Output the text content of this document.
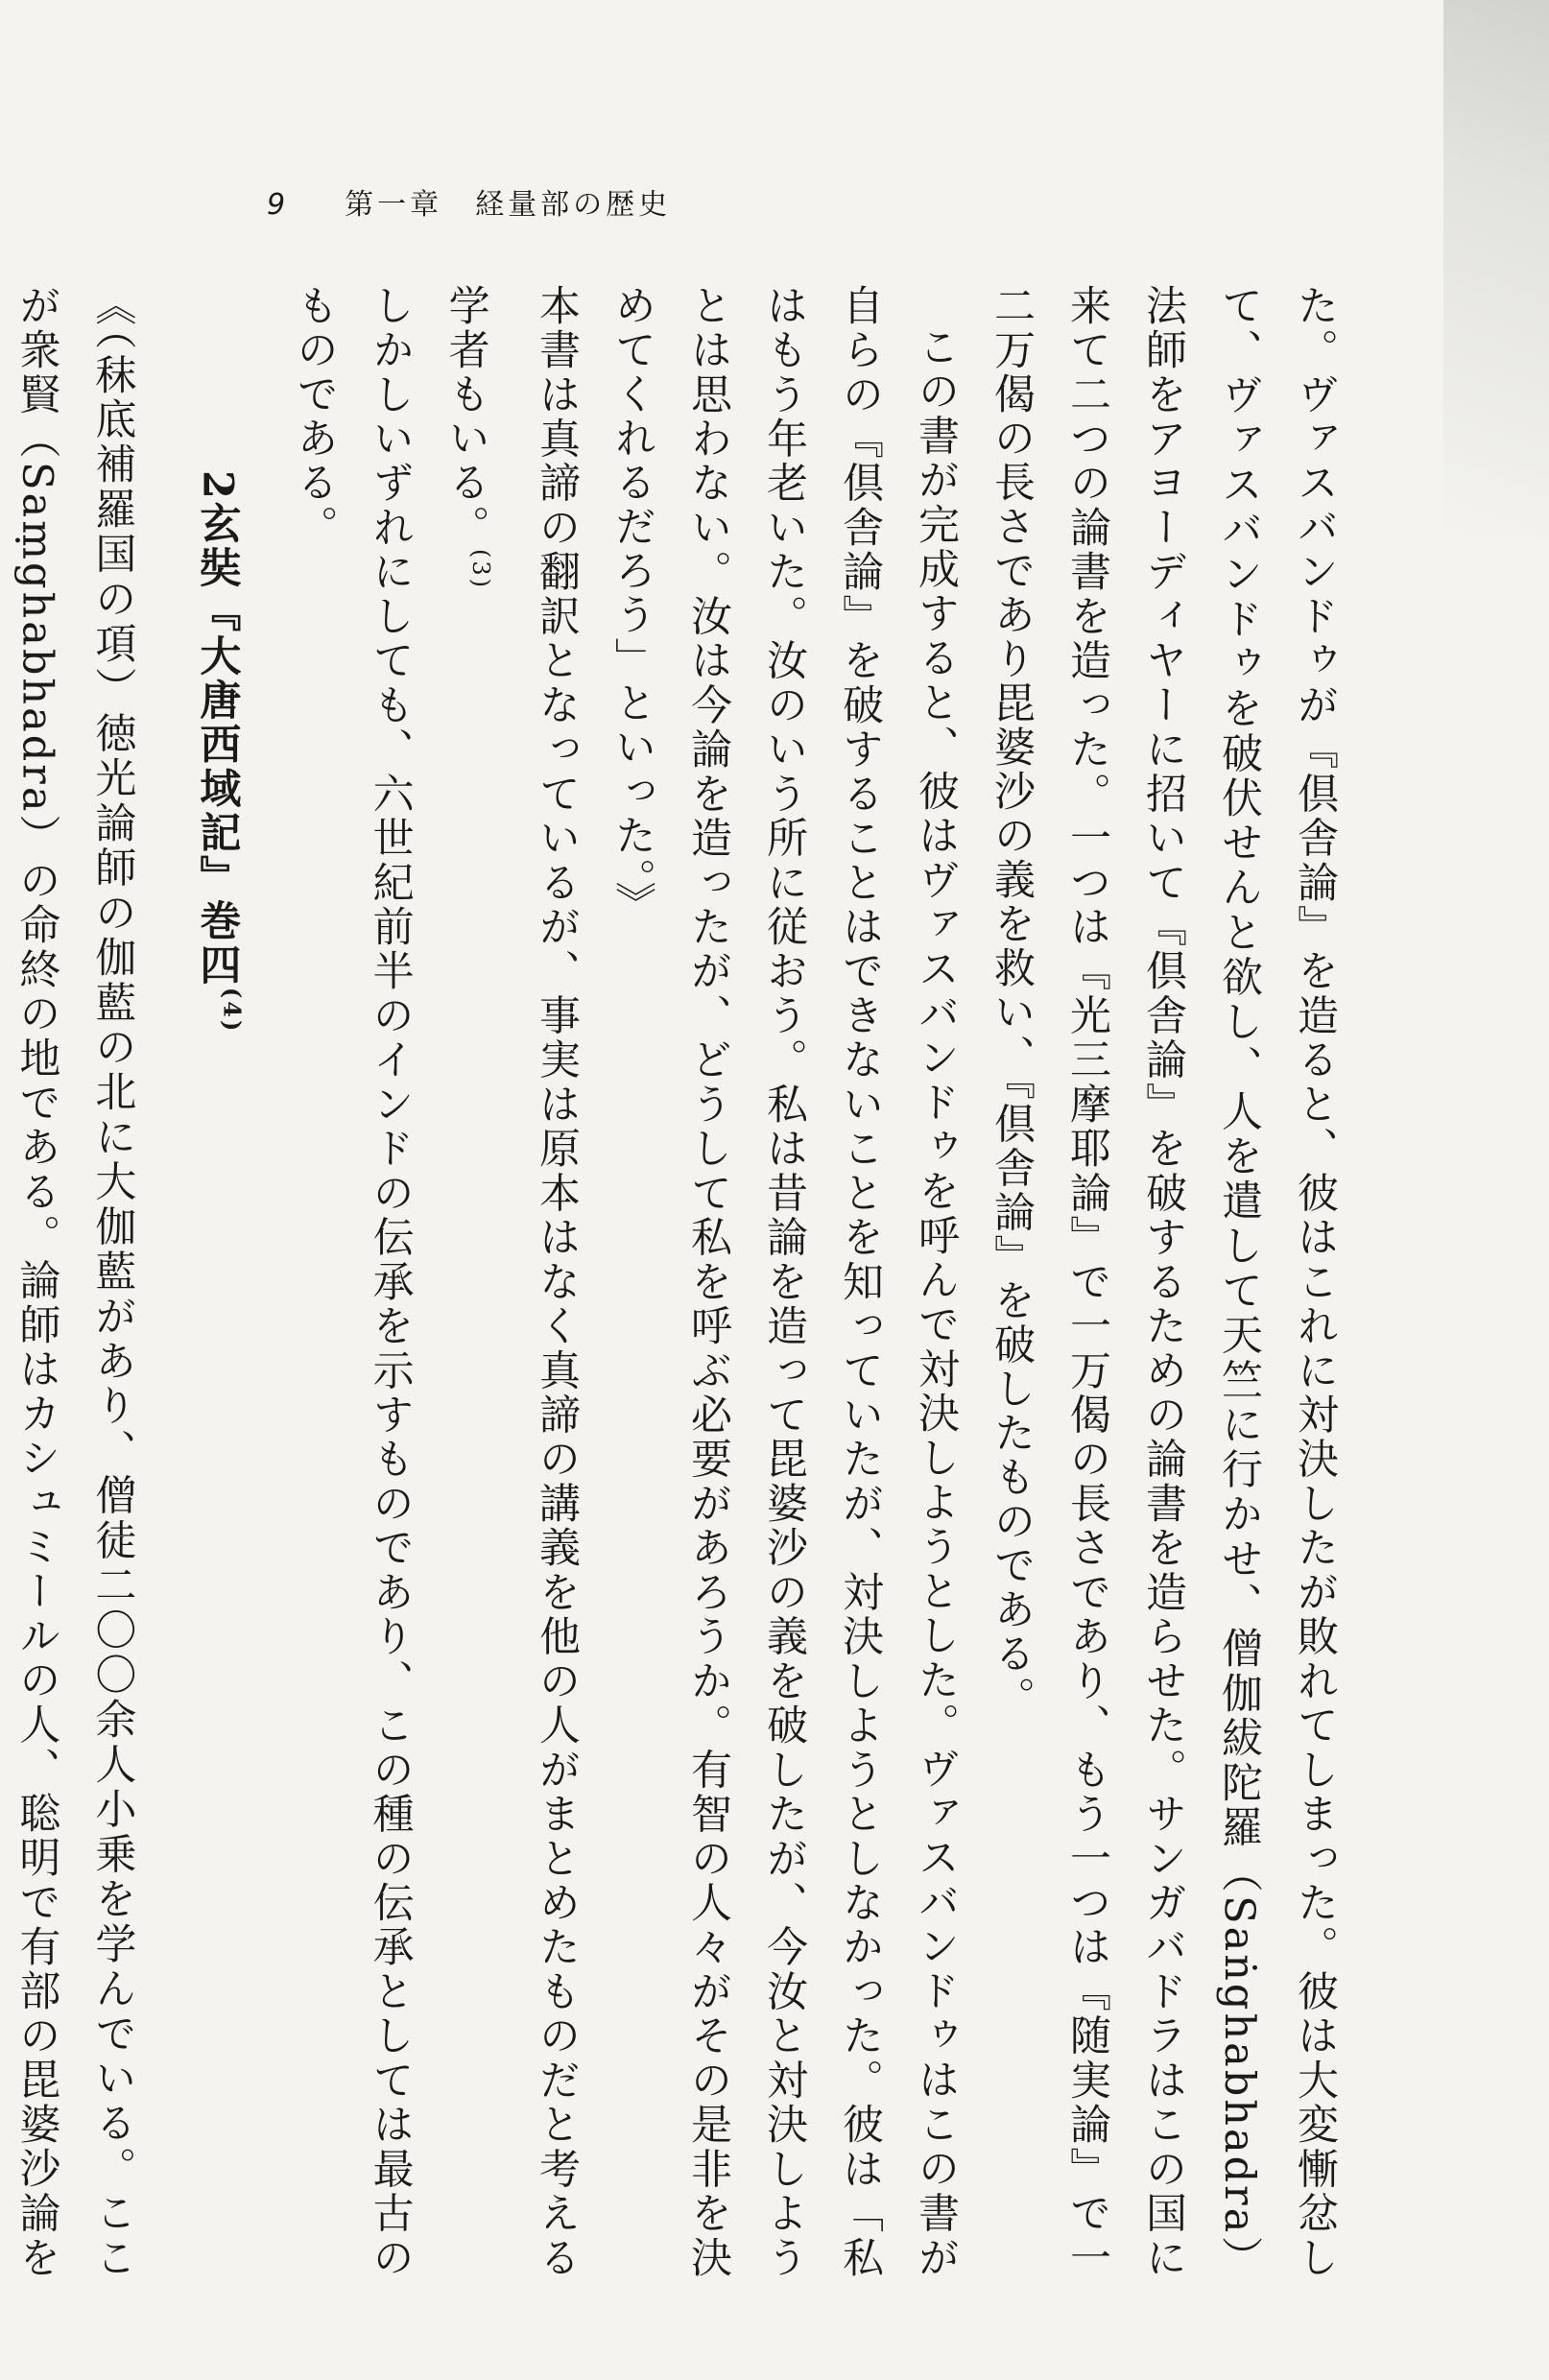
9 第一章　経量部の歴史

た。ヴァスバンドゥが『倶舎論』を造ると、彼はこれに対決したが敗れてしまった。彼は大変慚忿して、ヴァスバンドゥを破伏せんと欲し、人を遣して天竺に行かせ、僧伽紱陀羅（Saṅghabhadra）法師をアヨーディヤーに招いて『倶舎論』を破するための論書を造らせた。サンガバドラはこの国に来て二つの論書を造った。一つは『光三摩耶論』で一万偈の長さであり、もう一つは『随実論』で一二万偈の長さであり毘婆沙の義を救い、『倶舎論』を破したものである。

この書が完成すると、彼はヴァスバンドゥを呼んで対決しようとした。ヴァスバンドゥはこの書が自らの『倶舎論』を破することはできないことを知っていたが、対決しようとしなかった。彼は「私はもう年老いた。汝のいう所に従おう。私は昔論を造って毘婆沙の義を破したが、今汝と対決しようとは思わない。汝は今論を造ったが、どうして私を呼ぶ必要があろうか。有智の人々がその是非を決めてくれるだろう」といった。》

本書は真諦の翻訳となっているが、事実は原本はなく真諦の講義を他の人がまとめたものだと考える学者もいる。$^{(3)}$

しかしいずれにしても、六世紀前半のインドの伝承を示すものであり、この種の伝承としては最古のものである。

2玄奘『大唐西域記』巻四$^{(4)}$

《（秣底補羅国の項）徳光論師の伽藍の北に大伽藍があり、僧徒二〇〇余人小乗を学んでいる。ここが衆賢（Saṃghabhadra）の命終の地である。論師はカシュミールの人、聡明で有部の毘婆沙論を
